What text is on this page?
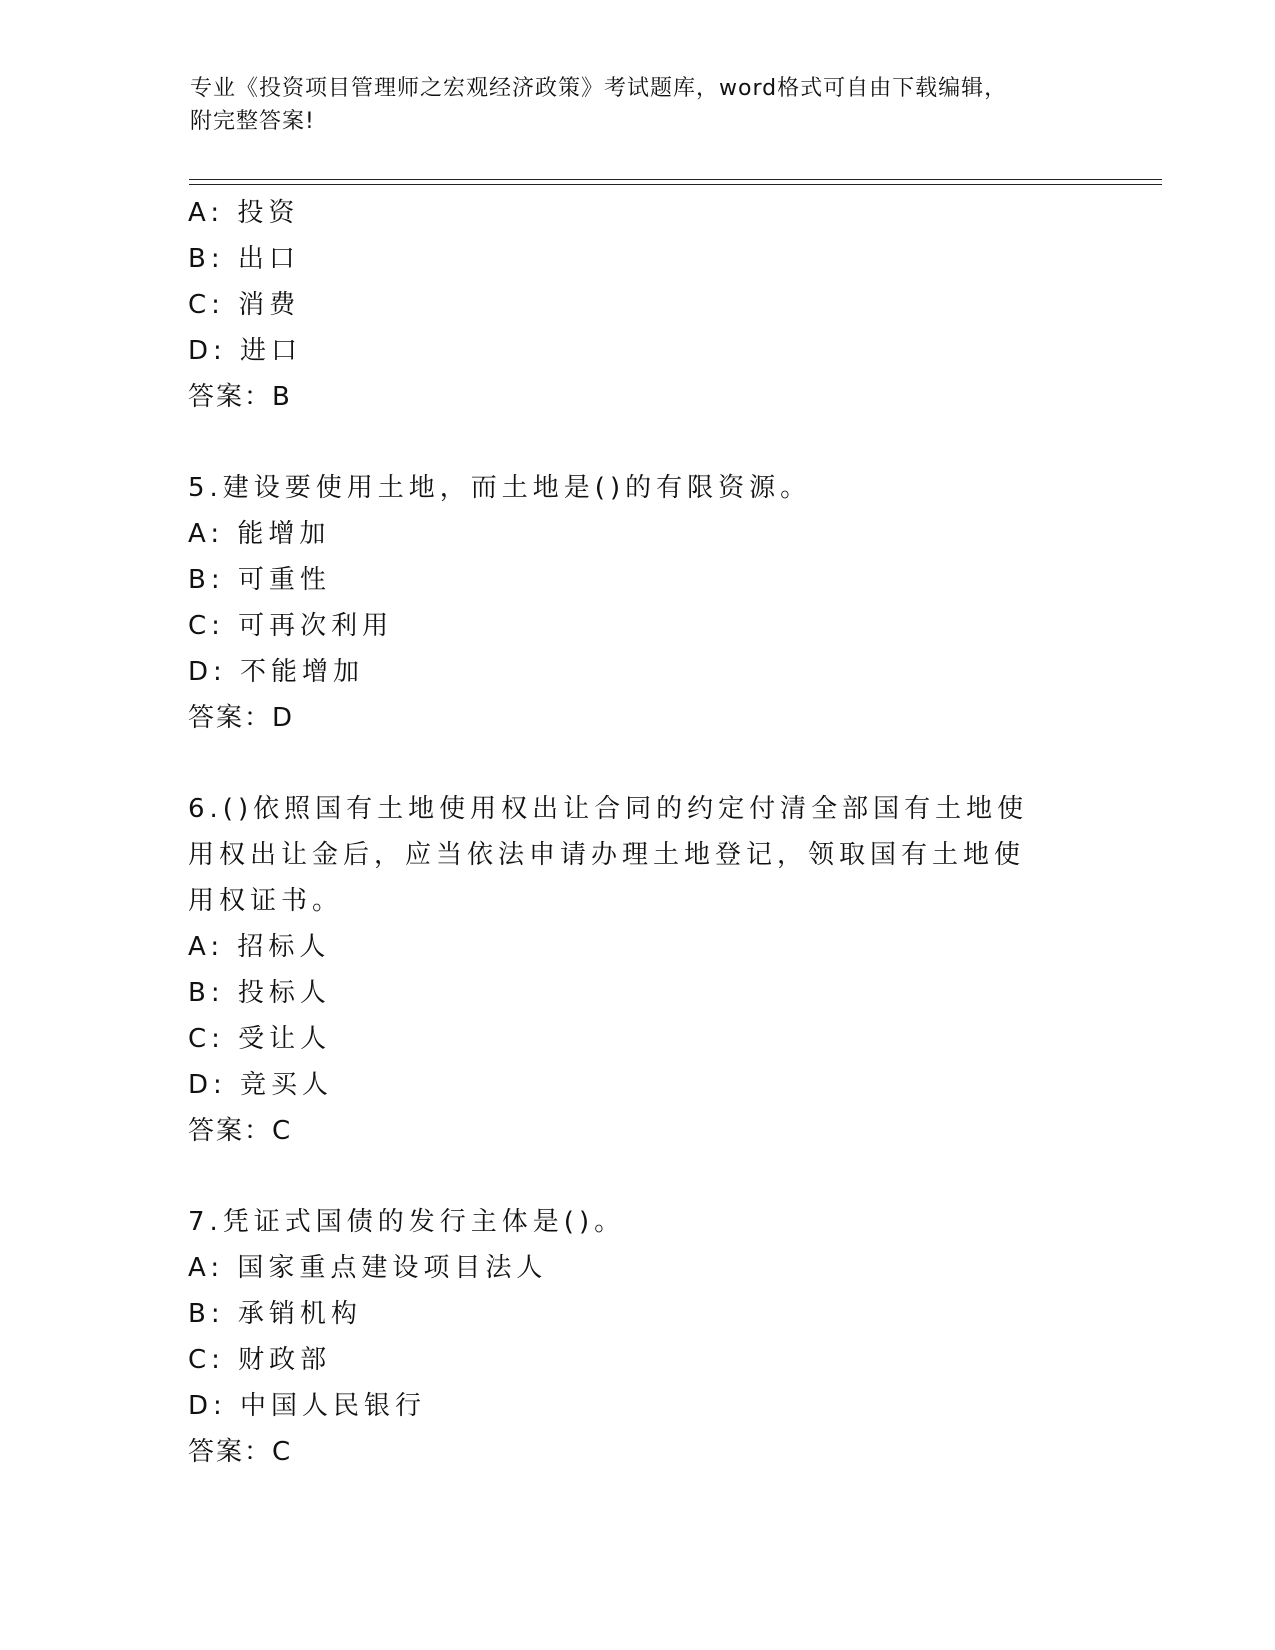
专业《投资项目管理师之宏观经济政策》考试题库，word格式可自由下载编辑，
附完整答案!
A: 投资
B: 出口
C: 消费
D: 进口
答案：B
5.建设要使用土地，而土地是()的有限资源。
A: 能增加
B: 可重性
C: 可再次利用
D: 不能增加
答案：D
6.()依照国有土地使用权出让合同的约定付清全部国有土地使用权出让金后，应当依法申请办理土地登记，领取国有土地使用权证书。
A: 招标人
B: 投标人
C: 受让人
D: 竞买人
答案：C
7.凭证式国债的发行主体是()。
A: 国家重点建设项目法人
B: 承销机构
C: 财政部
D: 中国人民银行
答案：C
